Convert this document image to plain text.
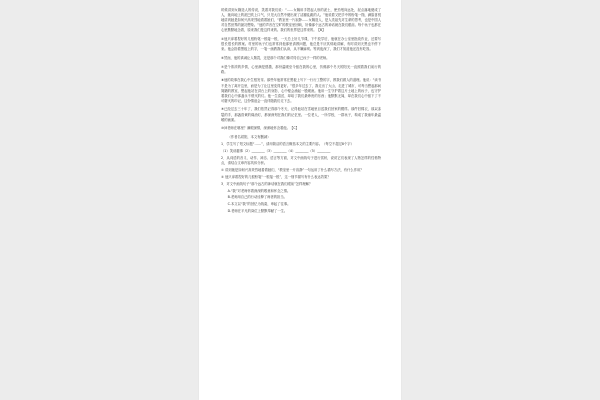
时候讲到女娲造人的传说，笑着对我们说：“……女娲用手捏起人形的泥土，使劲甩向远处，泥点落地便成了人，她向地上的泥巴吹上口气，只见大自然中便出现了活蹦乱跳的人。”他说着又把手中的粉笔一抛，满脸喜悦地讲到她是如何兴高采烈地看着她们，“教室里一片寂静……女娲造人，是人类祖先对生命的思考，也是中国人对自然世界的最初想象。”他的声音在空旷的教室里回响，好像那个远古的神话就在我们眼前。每个孩子也都在心里默默地念着，原来我们是这样来的。我们的世界是这样来的。【B】

⑤他只拿着捏好的几根粉笔一根接一根，一天总上好几节课，下午放学后，他就在办公室里批改作业，还要写很长很长的教案。村里的孩子们也常常到他那里请教问题，他总是不厌其烦地讲解，有时讲到天黑也不停下来。他会指着黑板上的字，一笔一画教我们认读，从不嫌麻烦。等到夜深了，我们才知道他还没有吃饭。

⑥然而，他的真诚让人敬畏，还是那个对我们像对待自己孩子一样的老师。

⑦是个浓浓的乡情，心里满是感激，那份温暖至今留在我的心里，仿佛那个冬天的阳光一直照着我们前行的路。

⑧他的故事在我心中生根发芽。那些年他常常在黑板上写下一行行工整的字，教我们做人的道理。他说：“读书不是为了离开这里，而是为了让这里变得更好。”很多年过去了，我走出了大山，走进了城市，可每当想起那间简陋的教室，想起他站在讲台上的身影，心中便会涌起一股暖流。他用一生守护着这片土地上的孩子，也守护着我们心中那盏永不熄灭的灯。他一生清贫，却给了我们最珍贵的东西；他默默无闻，却在我们心中留下了不可磨灭的印记，这份情谊会一直伴随我们走下去。

⑨已经过去三十年了，我们依然记得那个冬天，记得他站在雪地里目送我们回家的模样。那件旧棉衣，那双冻裂的手，那盏昏黄的煤油灯，都深深刻在我们的记忆里。一位老人，一所学校，一群孩子，构成了我童年最温暖的画面。

⑩问老师在哪里？满眼深情，深深地怀念着他。【C】

（作者名叔阳，本文有删减）

1．学生写了短文标题“……”，请用简洁的语言概括本文的主要内容。（每空不超过8个字）

（1）笑谈趣事（2）________（3）________（4）________（5）________

2．从词语的音义、动作、神态、语言等方面，对文中画线句子进行赏析，说说它们表现了人物怎样的性格特点，请结合文章内容具体分析。

① 讲到她是如何兴高采烈地看着她们，“教室里一片寂静”一句运用了什么描写方法，有什么作用？

② 他只拿着捏好的几根粉笔“一根接一根”，这一细节描写有什么表达效果？

3．对文中画线句子“那个远古的神话就在我们眼前”怎样理解？

A.“我”对老师怀着深深的敬意和怀念之情。

B.老师用自己的行动诠释了师者的担当。

C.本文以“我”的回忆为线索，串起了往事。

D.老师在平凡的岗位上默默奉献了一生。
